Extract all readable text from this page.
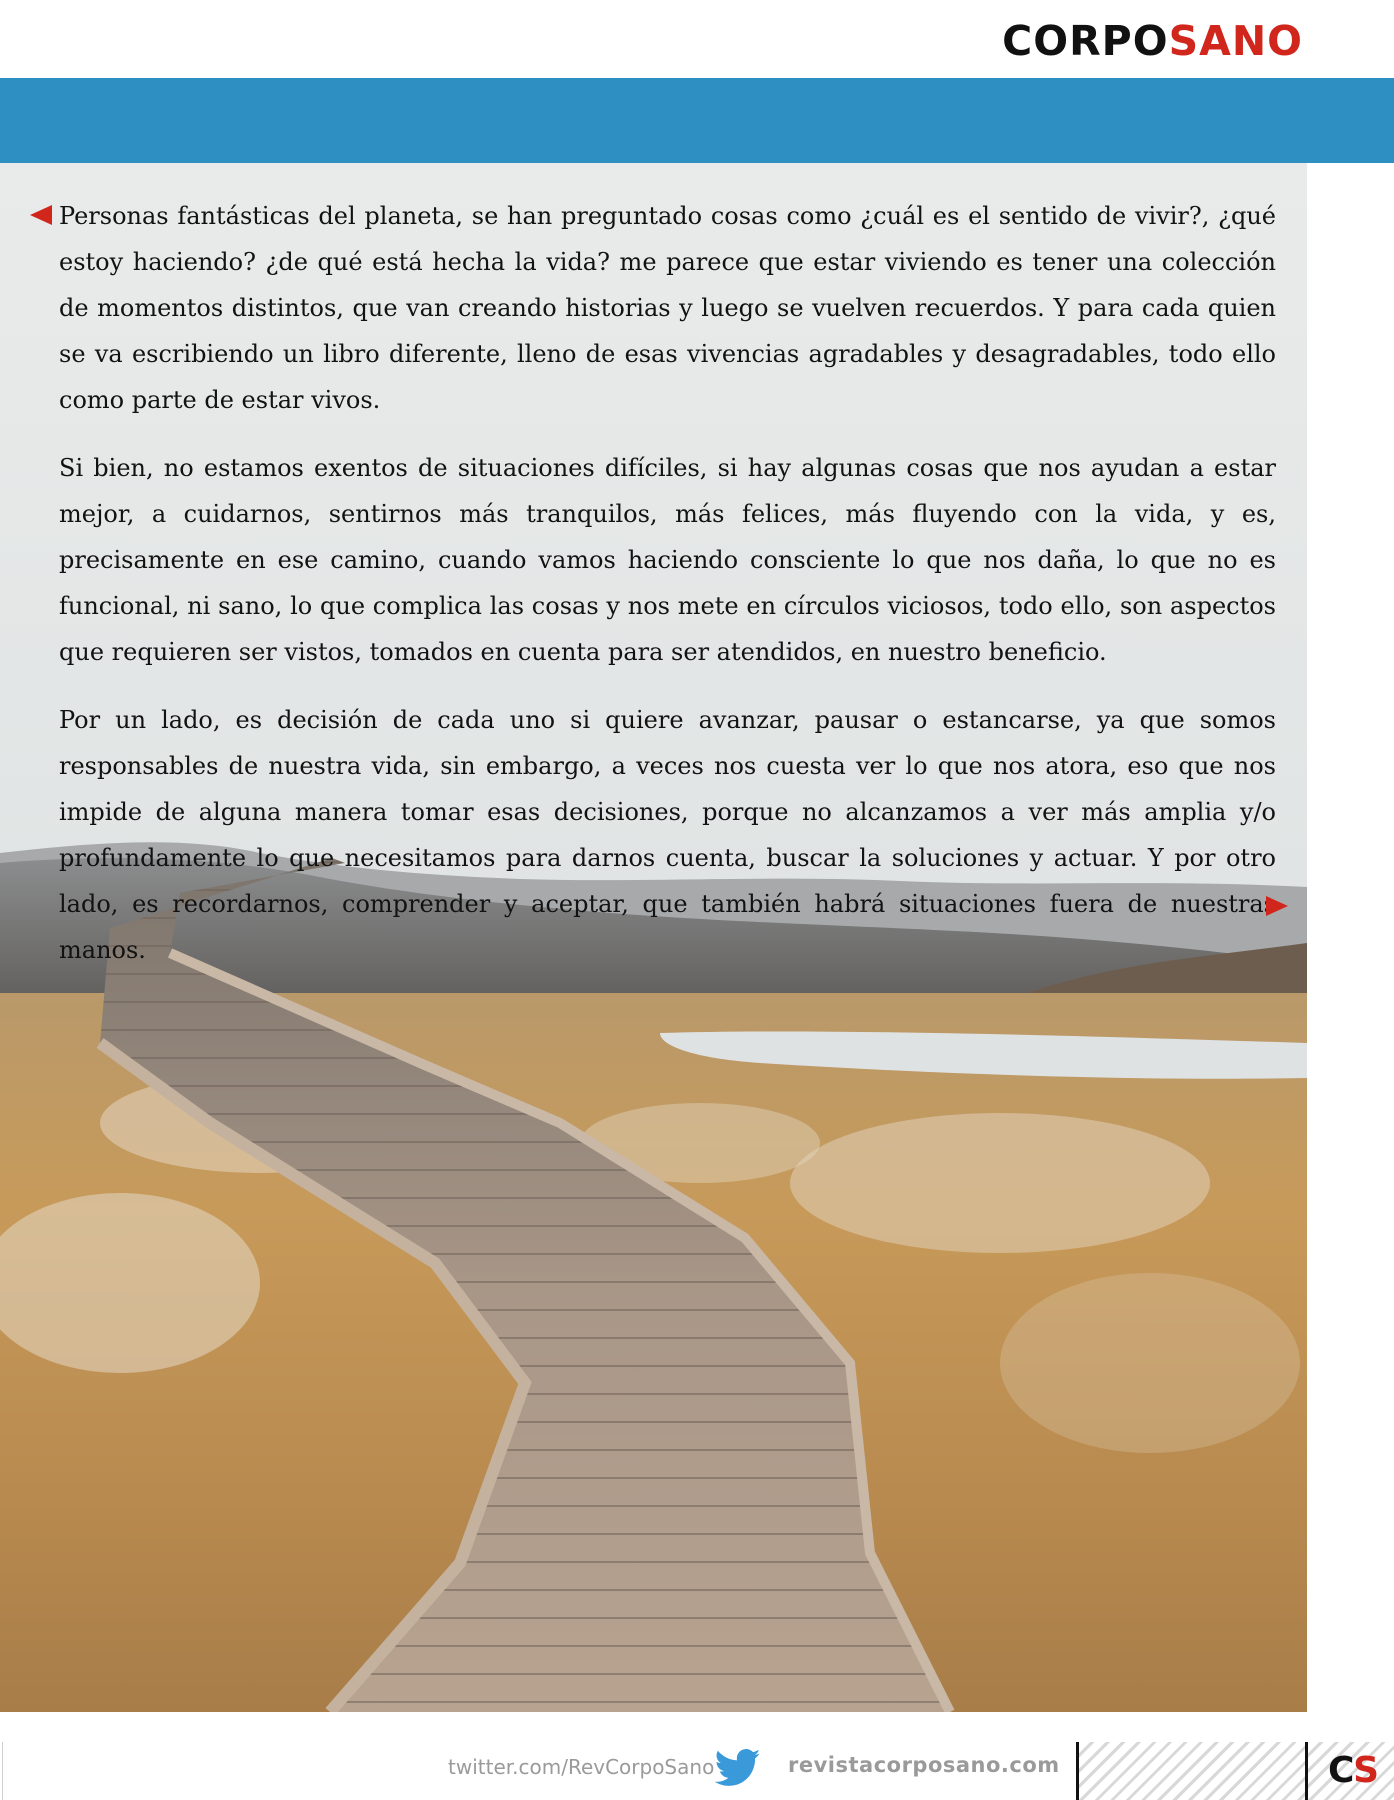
CORPOSANO

Personas fantásticas del planeta, se han preguntado cosas como ¿cuál es el sentido de vivir?, ¿qué estoy haciendo? ¿de qué está hecha la vida? me parece que estar viviendo es tener una colección de momentos distintos, que van creando historias y luego se vuelven recuerdos. Y para cada quien se va escribiendo un libro diferente, lleno de esas vivencias agradables y desagradables, todo ello como parte de estar vivos.

Si bien, no estamos exentos de situaciones difíciles, si hay algunas cosas que nos ayudan a estar mejor, a cuidarnos, sentirnos más tranquilos, más felices, más fluyendo con la vida, y es, precisamente en ese camino, cuando vamos haciendo consciente lo que nos daña, lo que no es funcional, ni sano, lo que complica las cosas y nos mete en círculos viciosos, todo ello, son aspectos que requieren ser vistos, tomados en cuenta para ser atendidos, en nuestro beneficio.

Por un lado, es decisión de cada uno si quiere avanzar, pausar o estancarse, ya que somos responsables de nuestra vida, sin embargo, a veces nos cuesta ver lo que nos atora, eso que nos impide de alguna manera tomar esas decisiones, porque no alcanzamos a ver más amplia y/o profundamente lo que necesitamos para darnos cuenta, buscar la soluciones y actuar. Y por otro lado, es recordarnos, comprender y aceptar, que también habrá situaciones fuera de nuestras manos.

twitter.com/RevCorpoSano	revistacorposano.com	CS
